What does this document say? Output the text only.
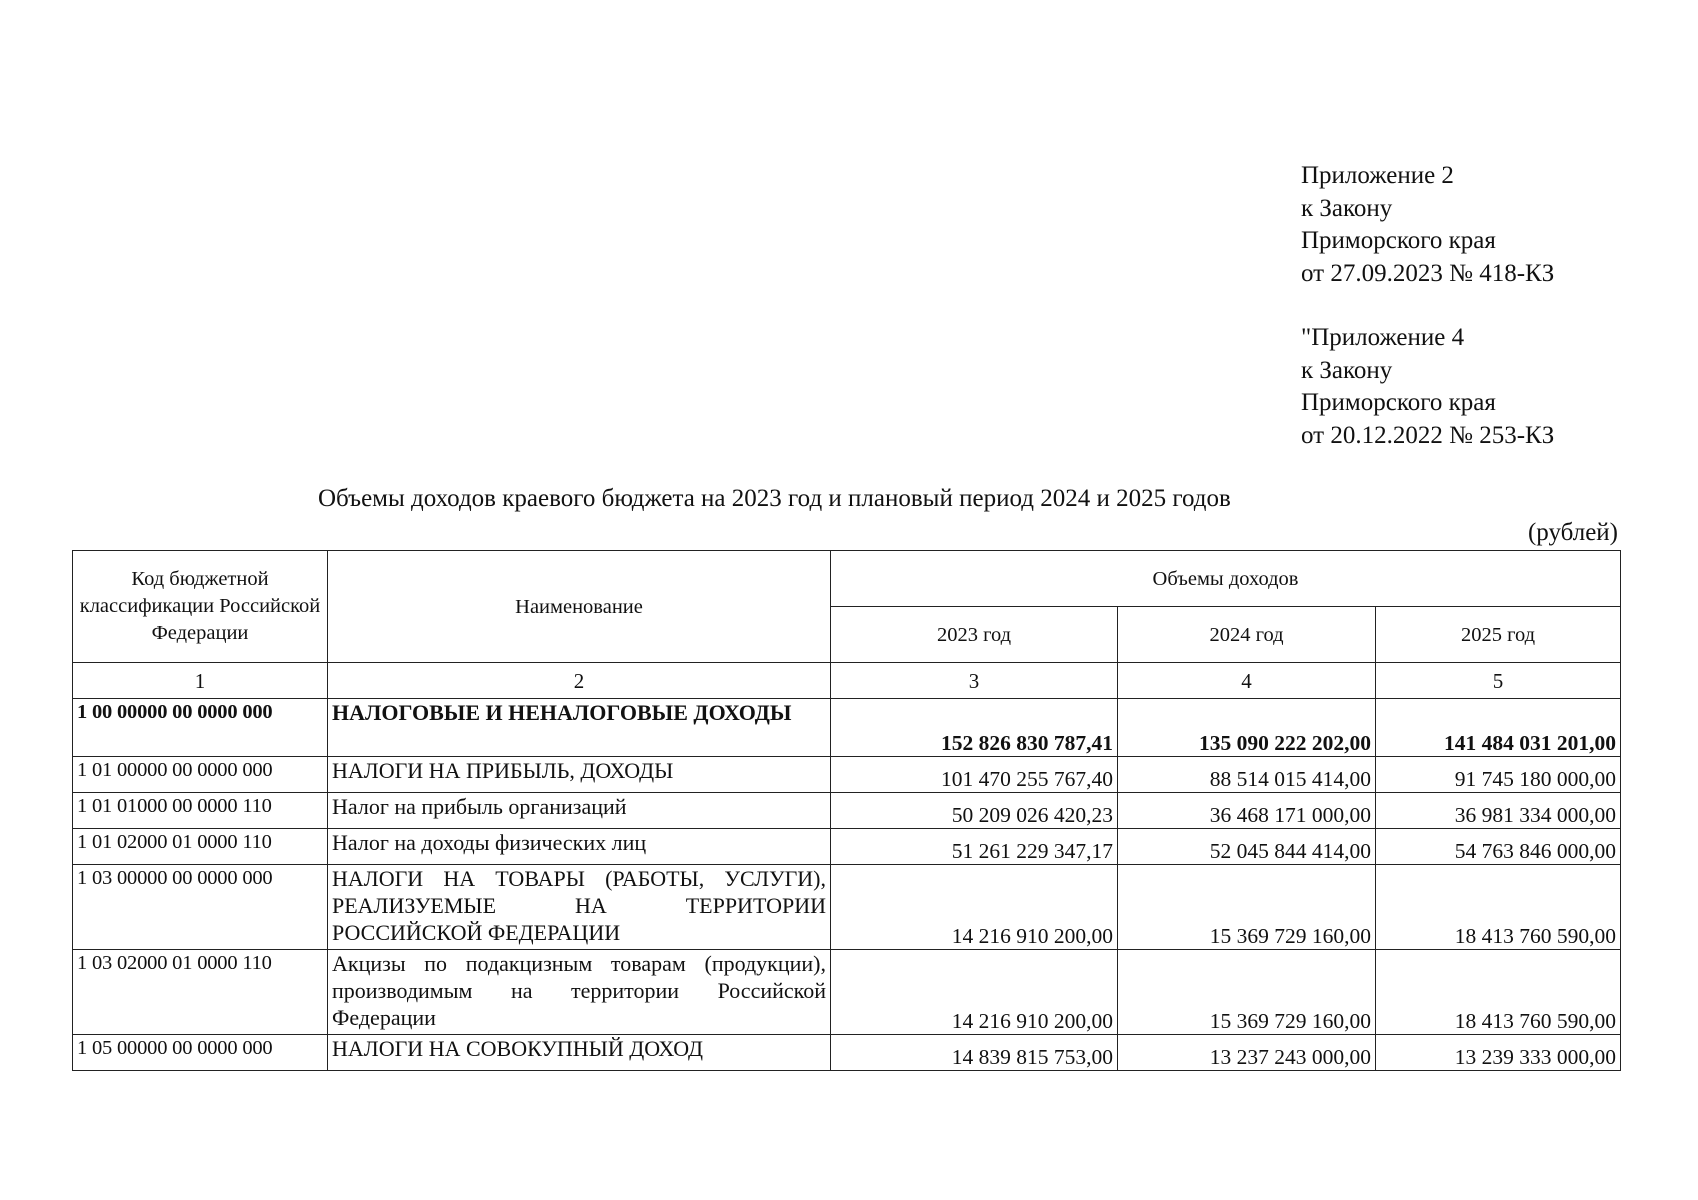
Приложение 2
к Закону
Приморского края
от 27.09.2023 № 418-КЗ
"Приложение 4
к Закону
Приморского края
от 20.12.2022 № 253-КЗ
Объемы доходов краевого бюджета на 2023 год и плановый период 2024 и 2025 годов
(рублей)
Код бюджетной классификации Российской Федерации	Наименование	Объемы доходов		
		2023 год	2024 год	2025 год
1	2	3	4	5
1 00 00000 00 0000 000	НАЛОГОВЫЕ И НЕНАЛОГОВЫЕ ДОХОДЫ	152 826 830 787,41	135 090 222 202,00	141 484 031 201,00
1 01 00000 00 0000 000	НАЛОГИ НА ПРИБЫЛЬ, ДОХОДЫ	101 470 255 767,40	88 514 015 414,00	91 745 180 000,00
1 01 01000 00 0000 110	Налог на прибыль организаций	50 209 026 420,23	36 468 171 000,00	36 981 334 000,00
1 01 02000 01 0000 110	Налог на доходы физических лиц	51 261 229 347,17	52 045 844 414,00	54 763 846 000,00
1 03 00000 00 0000 000	НАЛОГИ НА ТОВАРЫ (РАБОТЫ, УСЛУГИ), РЕАЛИЗУЕМЫЕ НА ТЕРРИТОРИИ РОССИЙСКОЙ ФЕДЕРАЦИИ	14 216 910 200,00	15 369 729 160,00	18 413 760 590,00
1 03 02000 01 0000 110	Акцизы по подакцизным товарам (продукции), производимым на территории Российской Федерации	14 216 910 200,00	15 369 729 160,00	18 413 760 590,00
1 05 00000 00 0000 000	НАЛОГИ НА СОВОКУПНЫЙ ДОХОД	14 839 815 753,00	13 237 243 000,00	13 239 333 000,00
